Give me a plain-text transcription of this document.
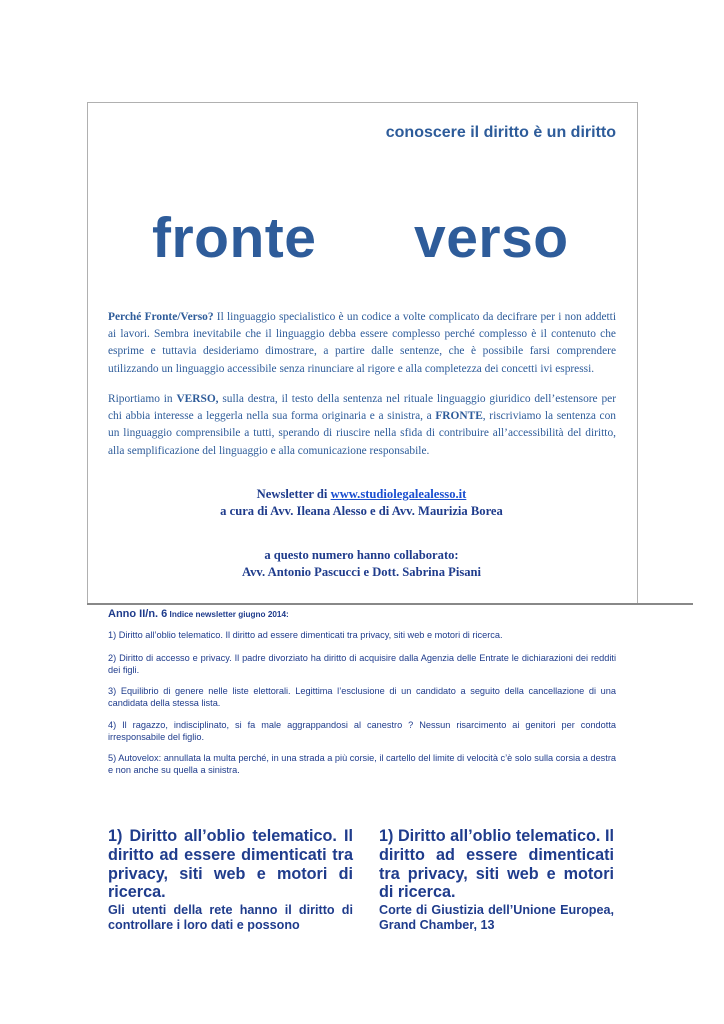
conoscere il diritto è un diritto
fronte verso
Perché Fronte/Verso? Il linguaggio specialistico è un codice a volte complicato da decifrare per i non addetti ai lavori. Sembra inevitabile che il linguaggio debba essere complesso perché complesso è il contenuto che esprime e tuttavia desideriamo dimostrare, a partire dalle sentenze, che è possibile farsi comprendere utilizzando un linguaggio accessibile senza rinunciare al rigore e alla completezza dei concetti ivi espressi.
Riportiamo in VERSO, sulla destra, il testo della sentenza nel rituale linguaggio giuridico dell’estensore per chi abbia interesse a leggerla nella sua forma originaria e a sinistra, a FRONTE, riscriviamo la sentenza con un linguaggio comprensibile a tutti, sperando di riuscire nella sfida di contribuire all’accessibilità del diritto, alla semplificazione del linguaggio e alla comunicazione responsabile.
Newsletter di www.studiolegalealesso.it
a cura di Avv. Ileana Alesso e di Avv. Maurizia Borea
a questo numero hanno collaborato:
Avv. Antonio Pascucci e Dott. Sabrina Pisani
Anno II/n. 6 Indice newsletter giugno 2014:
1) Diritto all’oblio telematico. Il diritto ad essere dimenticati tra privacy, siti web e motori di ricerca.
2) Diritto di accesso e privacy. Il padre divorziato ha diritto di acquisire dalla Agenzia delle Entrate le dichiarazioni dei redditi dei figli.
3) Equilibrio di genere nelle liste elettorali. Legittima l’esclusione di un candidato a seguito della cancellazione di una candidata della stessa lista.
4) Il ragazzo, indisciplinato, si fa male aggrappandosi al canestro ? Nessun risarcimento ai genitori per condotta irresponsabile del figlio.
5) Autovelox: annullata la multa perché, in una strada a più corsie, il cartello del limite di velocità c’è solo sulla corsia a destra e non anche su quella a sinistra.
1) Diritto all’oblio telematico. Il diritto ad essere dimenticati tra privacy, siti web e motori di ricerca.
Gli utenti della rete hanno il diritto di controllare i loro dati e possono
1) Diritto all’oblio telematico. Il diritto ad essere dimenticati tra privacy, siti web e motori di ricerca.
Corte di Giustizia dell’Unione Europea, Grand Chamber, 13
